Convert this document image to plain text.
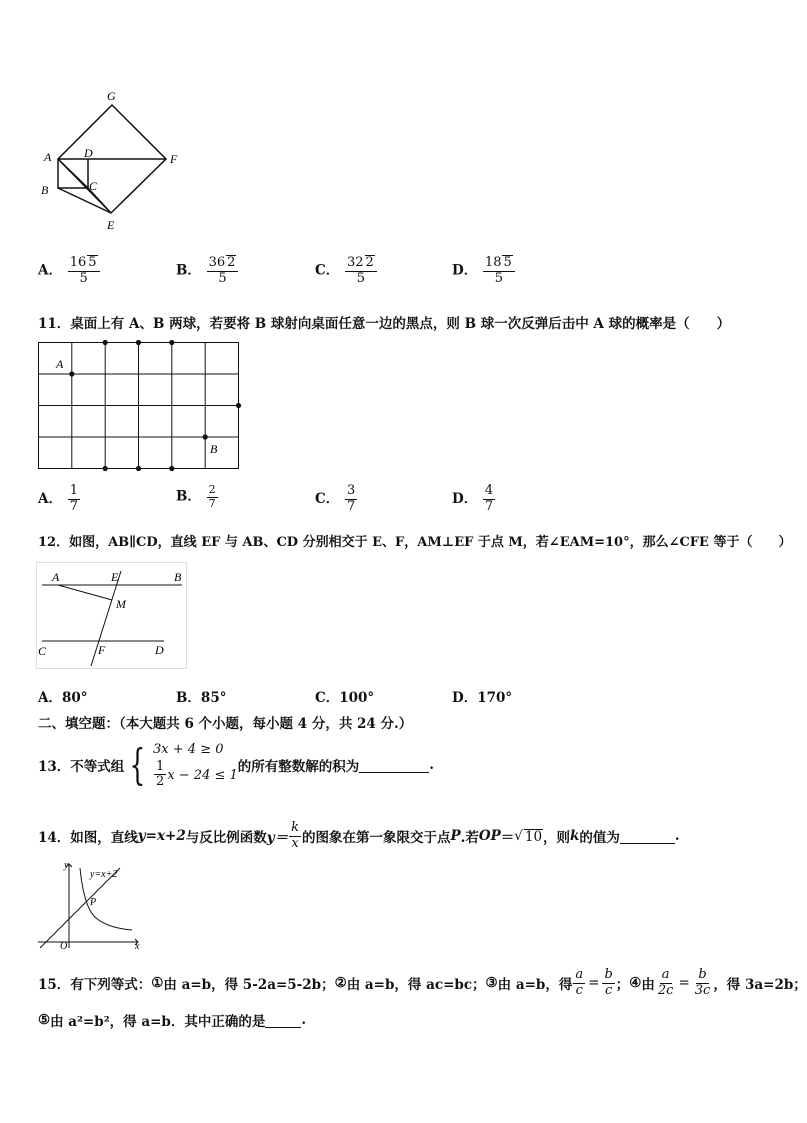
G
A	D	F
B	C
E
A． $\frac{16 5}{5}$	B． $\frac{36 2}{5}$	C． $\frac{32 2}{5}$	D． $\frac{18 5}{5}$
11．桌面上有 A、B 两球，若要将 B 球射向桌面任意一边的黑点，则 B 球一次反弹后击中 A 球的概率是（　　）
A
B
A． $\frac{1}{7}$	B． $\frac{2}{7}$	C． $\frac{3}{7}$	D． $\frac{4}{7}$
12．如图，AB∥CD，直线 EF 与 AB、CD 分别相交于 E、F，AM⊥EF 于点 M，若∠EAM=10°，那么∠CFE 等于（　　）
A	E	B
M
C	F	D
A．80°	B．85°	C．100°	D．170°
二、填空题：（本大题共 6 个小题，每小题 4 分，共 24 分.）
13．不等式组 { 3x + 4 ≥ 0
$\frac{1}{2}$ x − 24 ≤ 1 的所有整数解的积为	.
14．如图，直线 y=x+2 与反比例函数 $y= \frac{k}{x}$ 的图象在第一象限交于点 P .若 OP ＝ √ 10 ，则 k 的值为	.
y
x
O
P
y=x+2
15．有下列等式： ① 由 a=b，得 5-2a=5-2b； ② 由 a=b，得 ac=bc； ③ 由 a=b，得 $\frac{a}{c} = \frac{b}{c}$ ； ④ 由 $\frac{a}{2c} = \frac{b}{3c}$ ，得 3a=2b；
⑤ 由 a²=b²，得 a=b．其中正确的是	.
